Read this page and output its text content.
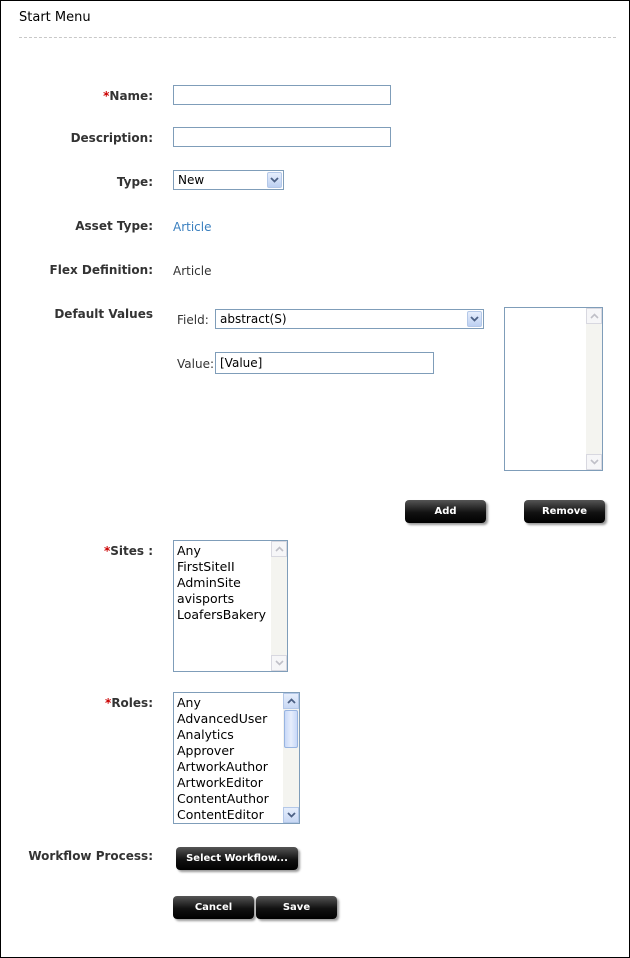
Start Menu
*Name:
Description:
Type: New
Asset Type: Article
Flex Definition: Article
Default Values Field: abstract(S)
Value:
[Value]
Add	Remove
*Sites : Any
FirstSiteII
AdminSite
avisports
LoafersBakery
*Roles: Any
AdvancedUser
Analytics
Approver
ArtworkAuthor
ArtworkEditor
ContentAuthor
ContentEditor
Workflow Process:	Select Workflow...
Cancel	Save
